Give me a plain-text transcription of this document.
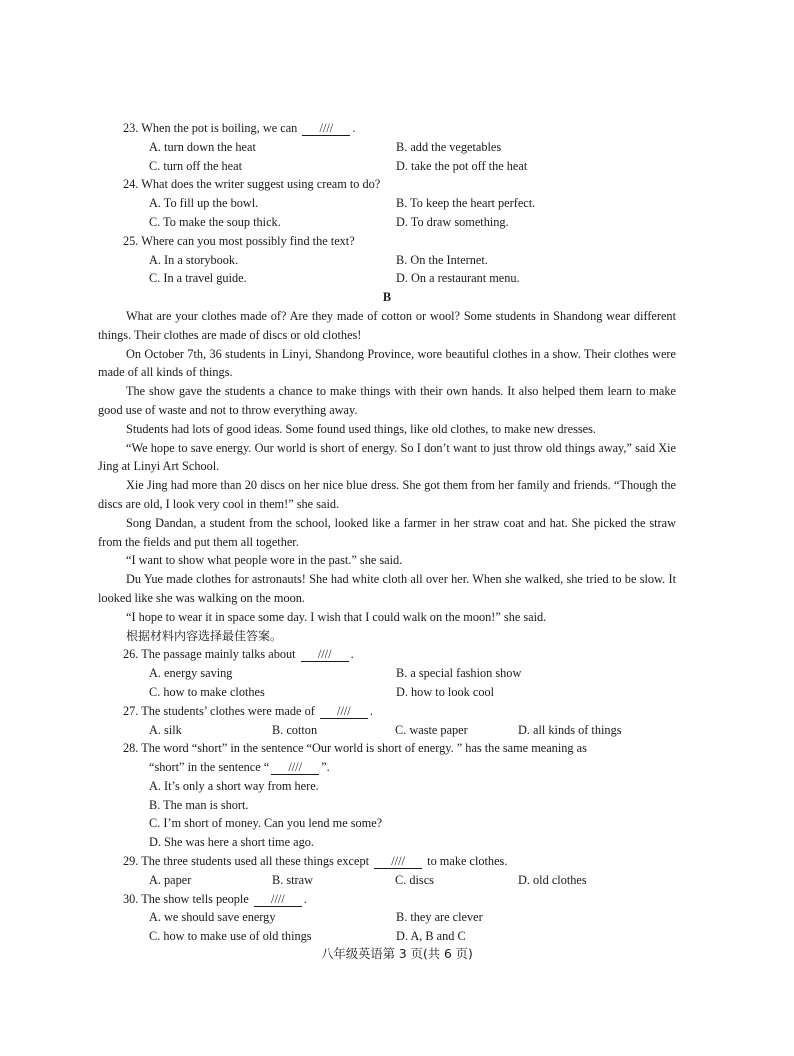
23. When the pot is boiling, we can //// .
A. turn down the heat	B. add the vegetables
C. turn off the heat	D. take the pot off the heat
24. What does the writer suggest using cream to do?
A. To fill up the bowl.	B. To keep the heart perfect.
C. To make the soup thick.	D. To draw something.
25. Where can you most possibly find the text?
A. In a storybook.	B. On the Internet.
C. In a travel guide.	D. On a restaurant menu.
B
What are your clothes made of? Are they made of cotton or wool? Some students in Shandong wear different things. Their clothes are made of discs or old clothes!
On October 7th, 36 students in Linyi, Shandong Province, wore beautiful clothes in a show. Their clothes were made of all kinds of things.
The show gave the students a chance to make things with their own hands. It also helped them learn to make good use of waste and not to throw everything away.
Students had lots of good ideas. Some found used things, like old clothes, to make new dresses.
“We hope to save energy. Our world is short of energy. So I don’t want to just throw old things away,” said Xie Jing at Linyi Art School.
Xie Jing had more than 20 discs on her nice blue dress. She got them from her family and friends. “Though the discs are old, I look very cool in them!” she said.
Song Dandan, a student from the school, looked like a farmer in her straw coat and hat. She picked the straw from the fields and put them all together.
“I want to show what people wore in the past.” she said.
Du Yue made clothes for astronauts! She had white cloth all over her. When she walked, she tried to be slow. It looked like she was walking on the moon.
“I hope to wear it in space some day. I wish that I could walk on the moon!” she said.
根据材料内容选择最佳答案。
26. The passage mainly talks about //// .
A. energy saving	B. a special fashion show
C. how to make clothes	D. how to look cool
27. The students’ clothes were made of //// .
A. silk	B. cotton	C. waste paper	D. all kinds of things
28. The word “short” in the sentence “Our world is short of energy. ” has the same meaning as
“short” in the sentence “ //// ”.
A. It’s only a short way from here.
B. The man is short.
C. I’m short of money. Can you lend me some?
D. She was here a short time ago.
29. The three students used all these things except //// to make clothes.
A. paper	B. straw	C. discs	D. old clothes
30. The show tells people //// .
A. we should save energy	B. they are clever
C. how to make use of old things	D. A, B and C
八年级英语第 3 页(共 6 页)
